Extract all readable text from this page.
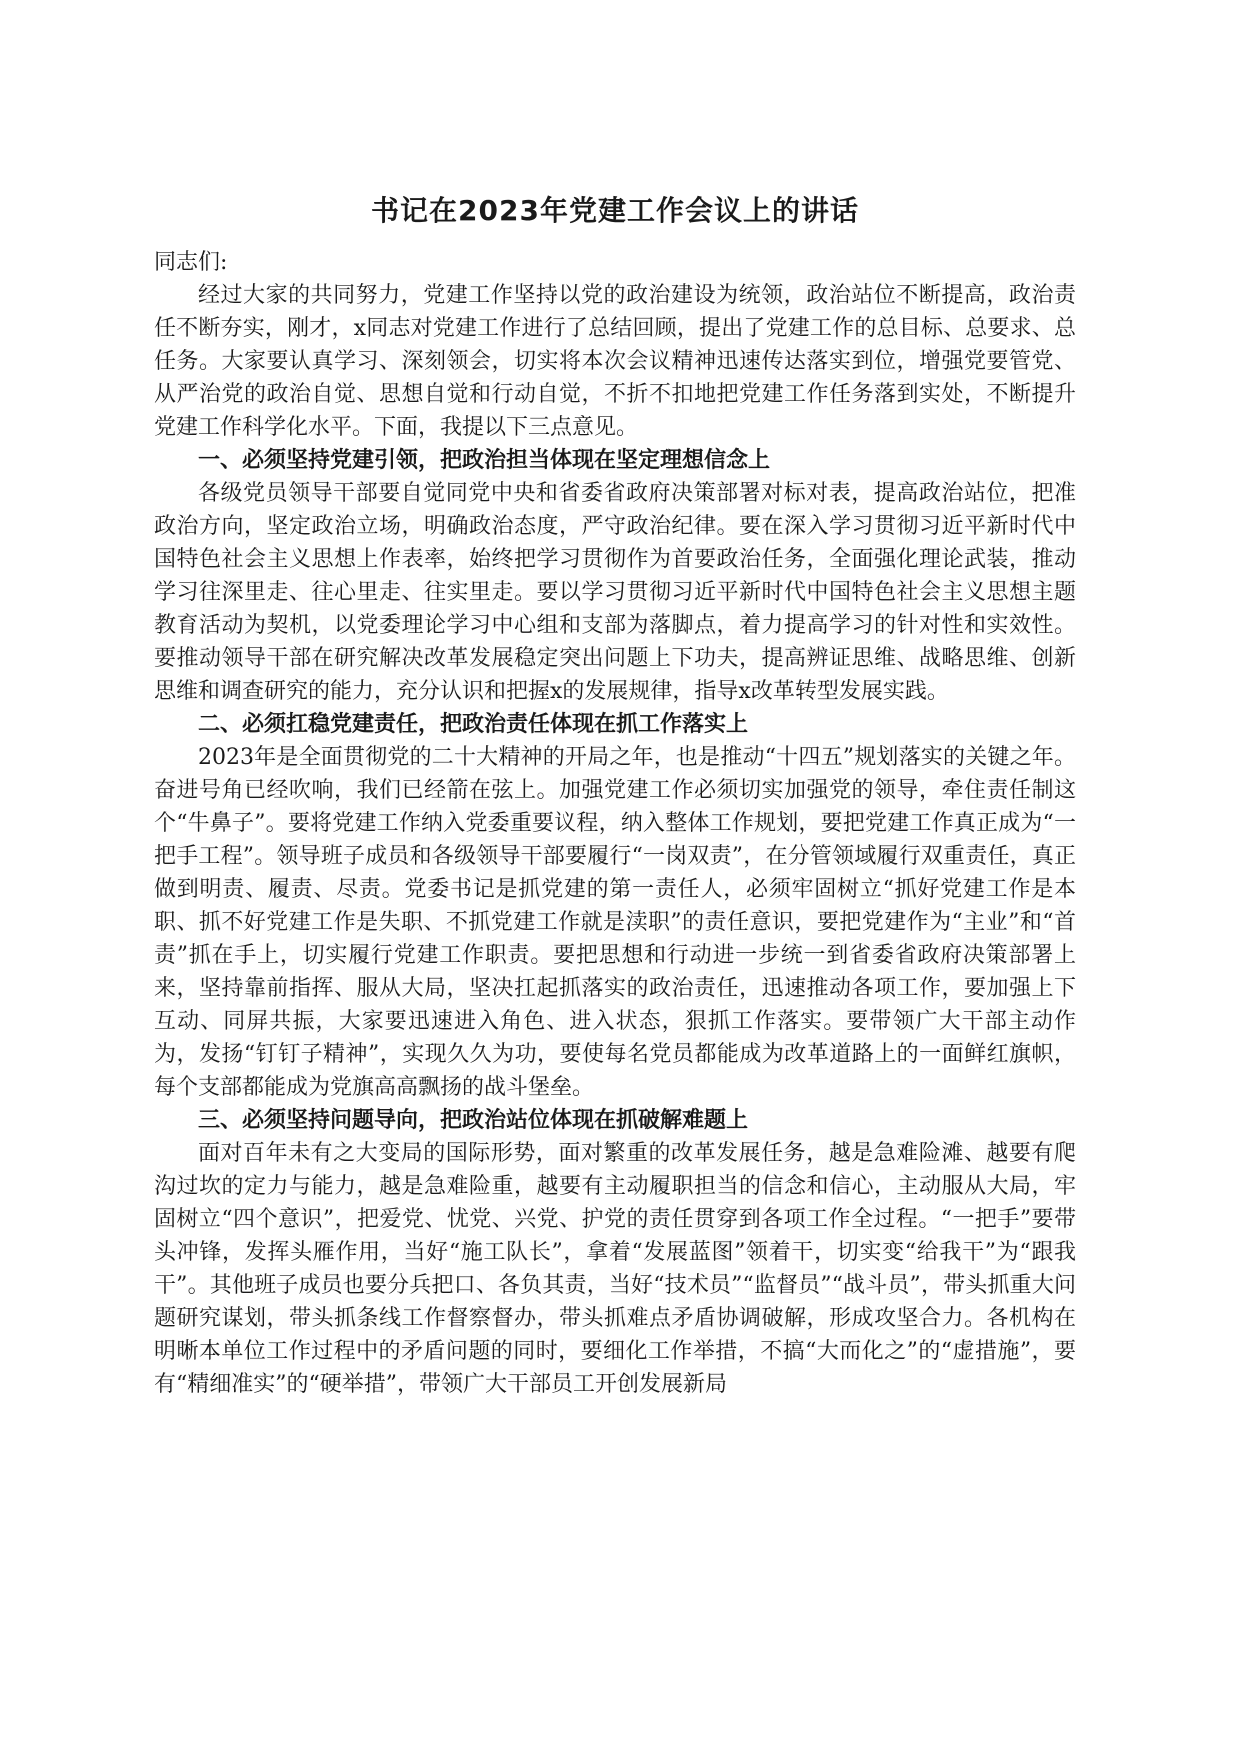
书记在2023年党建工作会议上的讲话

同志们:

经过大家的共同努力，党建工作坚持以党的政治建设为统领，政治站位不断提高，政治责任不断夯实，刚才，x同志对党建工作进行了总结回顾，提出了党建工作的总目标、总要求、总任务。大家要认真学习、深刻领会，切实将本次会议精神迅速传达落实到位，增强党要管党、从严治党的政治自觉、思想自觉和行动自觉，不折不扣地把党建工作任务落到实处，不断提升党建工作科学化水平。下面，我提以下三点意见。

一、必须坚持党建引领，把政治担当体现在坚定理想信念上

各级党员领导干部要自觉同党中央和省委省政府决策部署对标对表，提高政治站位，把准政治方向，坚定政治立场，明确政治态度，严守政治纪律。要在深入学习贯彻习近平新时代中国特色社会主义思想上作表率，始终把学习贯彻作为首要政治任务，全面强化理论武装，推动学习往深里走、往心里走、往实里走。要以学习贯彻习近平新时代中国特色社会主义思想主题教育活动为契机，以党委理论学习中心组和支部为落脚点，着力提高学习的针对性和实效性。要推动领导干部在研究解决改革发展稳定突出问题上下功夫，提高辨证思维、战略思维、创新思维和调查研究的能力，充分认识和把握x的发展规律，指导x改革转型发展实践。

二、必须扛稳党建责任，把政治责任体现在抓工作落实上

2023年是全面贯彻党的二十大精神的开局之年，也是推动“十四五”规划落实的关键之年。奋进号角已经吹响，我们已经箭在弦上。加强党建工作必须切实加强党的领导，牵住责任制这个“牛鼻子”。要将党建工作纳入党委重要议程，纳入整体工作规划，要把党建工作真正成为“一把手工程”。领导班子成员和各级领导干部要履行“一岗双责”，在分管领域履行双重责任，真正做到明责、履责、尽责。党委书记是抓党建的第一责任人，必须牢固树立“抓好党建工作是本职、抓不好党建工作是失职、不抓党建工作就是渎职”的责任意识，要把党建作为“主业”和“首责”抓在手上，切实履行党建工作职责。要把思想和行动进一步统一到省委省政府决策部署上来，坚持靠前指挥、服从大局，坚决扛起抓落实的政治责任，迅速推动各项工作，要加强上下互动、同屏共振，大家要迅速进入角色、进入状态，狠抓工作落实。要带领广大干部主动作为，发扬“钉钉子精神”，实现久久为功，要使每名党员都能成为改革道路上的一面鲜红旗帜，每个支部都能成为党旗高高飘扬的战斗堡垒。

三、必须坚持问题导向，把政治站位体现在抓破解难题上

面对百年未有之大变局的国际形势，面对繁重的改革发展任务，越是急难险滩、越要有爬沟过坎的定力与能力，越是急难险重，越要有主动履职担当的信念和信心，主动服从大局，牢固树立“四个意识”，把爱党、忧党、兴党、护党的责任贯穿到各项工作全过程。“一把手”要带头冲锋，发挥头雁作用，当好“施工队长”，拿着“发展蓝图”领着干，切实变“给我干”为“跟我干”。其他班子成员也要分兵把口、各负其责，当好“技术员”“监督员”“战斗员”，带头抓重大问题研究谋划，带头抓条线工作督察督办，带头抓难点矛盾协调破解，形成攻坚合力。各机构在明晰本单位工作过程中的矛盾问题的同时，要细化工作举措，不搞“大而化之”的“虚措施”，要有“精细准实”的“硬举措”，带领广大干部员工开创发展新局
